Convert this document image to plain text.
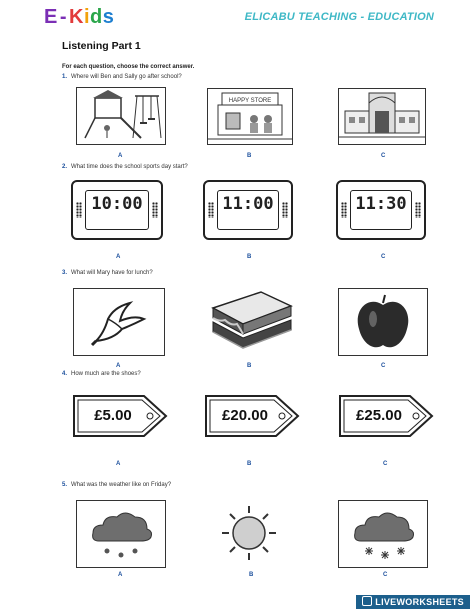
E - Kids	ELICABU TEACHING - EDUCATION
Listening Part 1
For each question, choose the correct answer.
1. Where will Ben and Sally go after school?
HAPPY STORE
A	B	C
2. What time does the school sports day start?
10:00	11:00	11:30
A	B	C
3. What will Mary have for lunch?
A	B	C
4. How much are the shoes?
£5.00	£20.00	£25.00
A	B	C
5. What was the weather like on Friday?
A	B	C
LIVEWORKSHEETS
